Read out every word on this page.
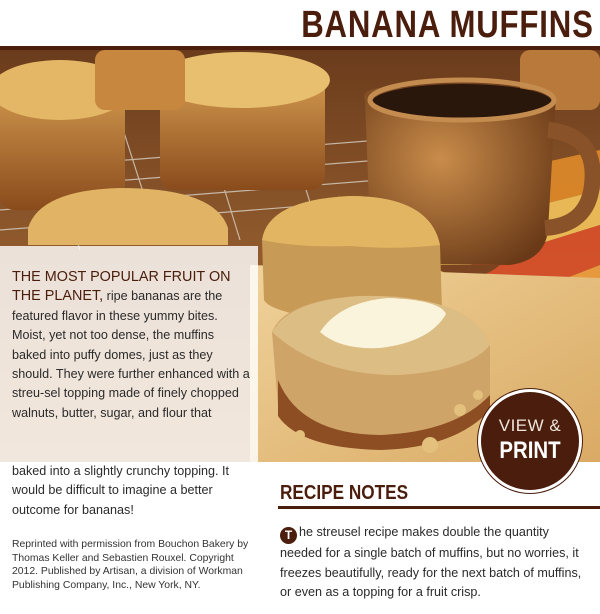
BANANA MUFFINS
THE MOST POPULAR FRUIT ON THE PLANET, ripe bananas are the featured flavor in these yummy bites. Moist, yet not too dense, the muffins baked into puffy domes, just as they should. They were further enhanced with a streu-sel topping made of finely chopped walnuts, butter, sugar, and flour that
baked into a slightly crunchy topping. It would be difficult to imagine a better outcome for bananas!
Reprinted with permission from Bouchon Bakery by Thomas Keller and Sebastien Rouxel. Copyright 2012. Published by Artisan, a division of Workman Publishing Company, Inc., New York, NY.
VIEW &
PRINT
RECIPE NOTES
T he streusel recipe makes double the quantity needed for a single batch of muffins, but no worries, it freezes beautifully, ready for the next batch of muffins, or even as a topping for a fruit crisp.
